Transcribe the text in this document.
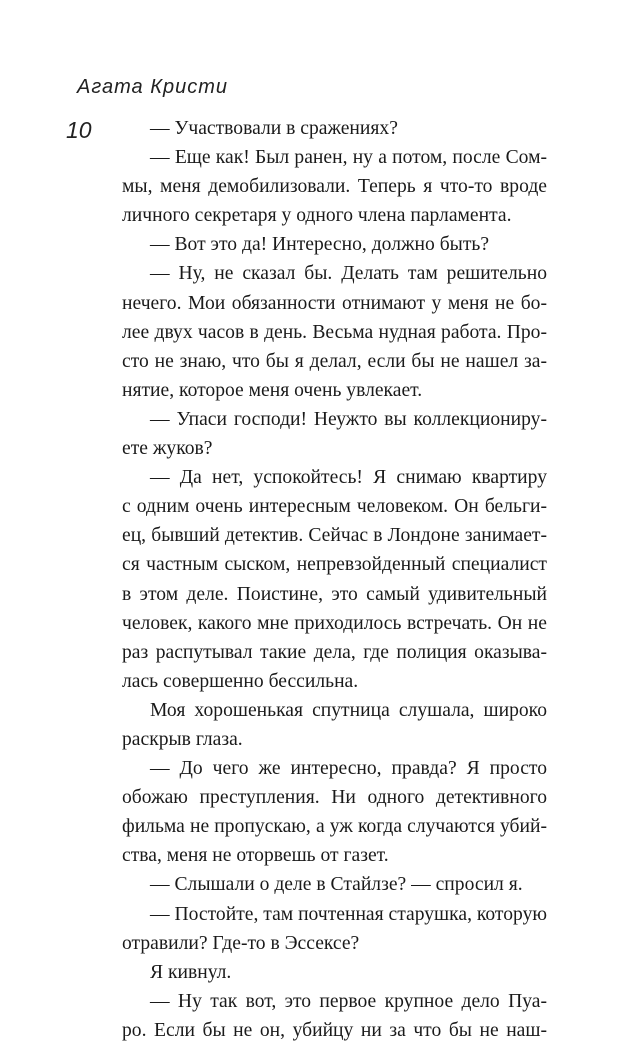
Агата Кристи
10	— Участвовали в сражениях?
— Еще как! Был ранен, ну а потом, после Сом-
мы, меня демобилизовали. Теперь я что-то вроде
личного секретаря у одного члена парламента.
— Вот это да! Интересно, должно быть?
— Ну, не сказал бы. Делать там решительно
нечего. Мои обязанности отнимают у меня не бо-
лее двух часов в день. Весьма нудная работа. Про-
сто не знаю, что бы я делал, если бы не нашел за-
нятие, которое меня очень увлекает.
— Упаси господи! Неужто вы коллекциониру-
ете жуков?
— Да нет, успокойтесь! Я снимаю квартиру
с одним очень интересным человеком. Он бельги-
ец, бывший детектив. Сейчас в Лондоне занимает-
ся частным сыском, непревзойденный специалист
в этом деле. Поистине, это самый удивительный
человек, какого мне приходилось встречать. Он не
раз распутывал такие дела, где полиция оказыва-
лась совершенно бессильна.
Моя хорошенькая спутница слушала, широко
раскрыв глаза.
— До чего же интересно, правда? Я просто
обожаю преступления. Ни одного детективного
фильма не пропускаю, а уж когда случаются убий-
ства, меня не оторвешь от газет.
— Слышали о деле в Стайлзе? — спросил я.
— Постойте, там почтенная старушка, которую
отравили? Где-то в Эссексе?
Я кивнул.
— Ну так вот, это первое крупное дело Пуа-
ро. Если бы не он, убийцу ни за что бы не наш-
